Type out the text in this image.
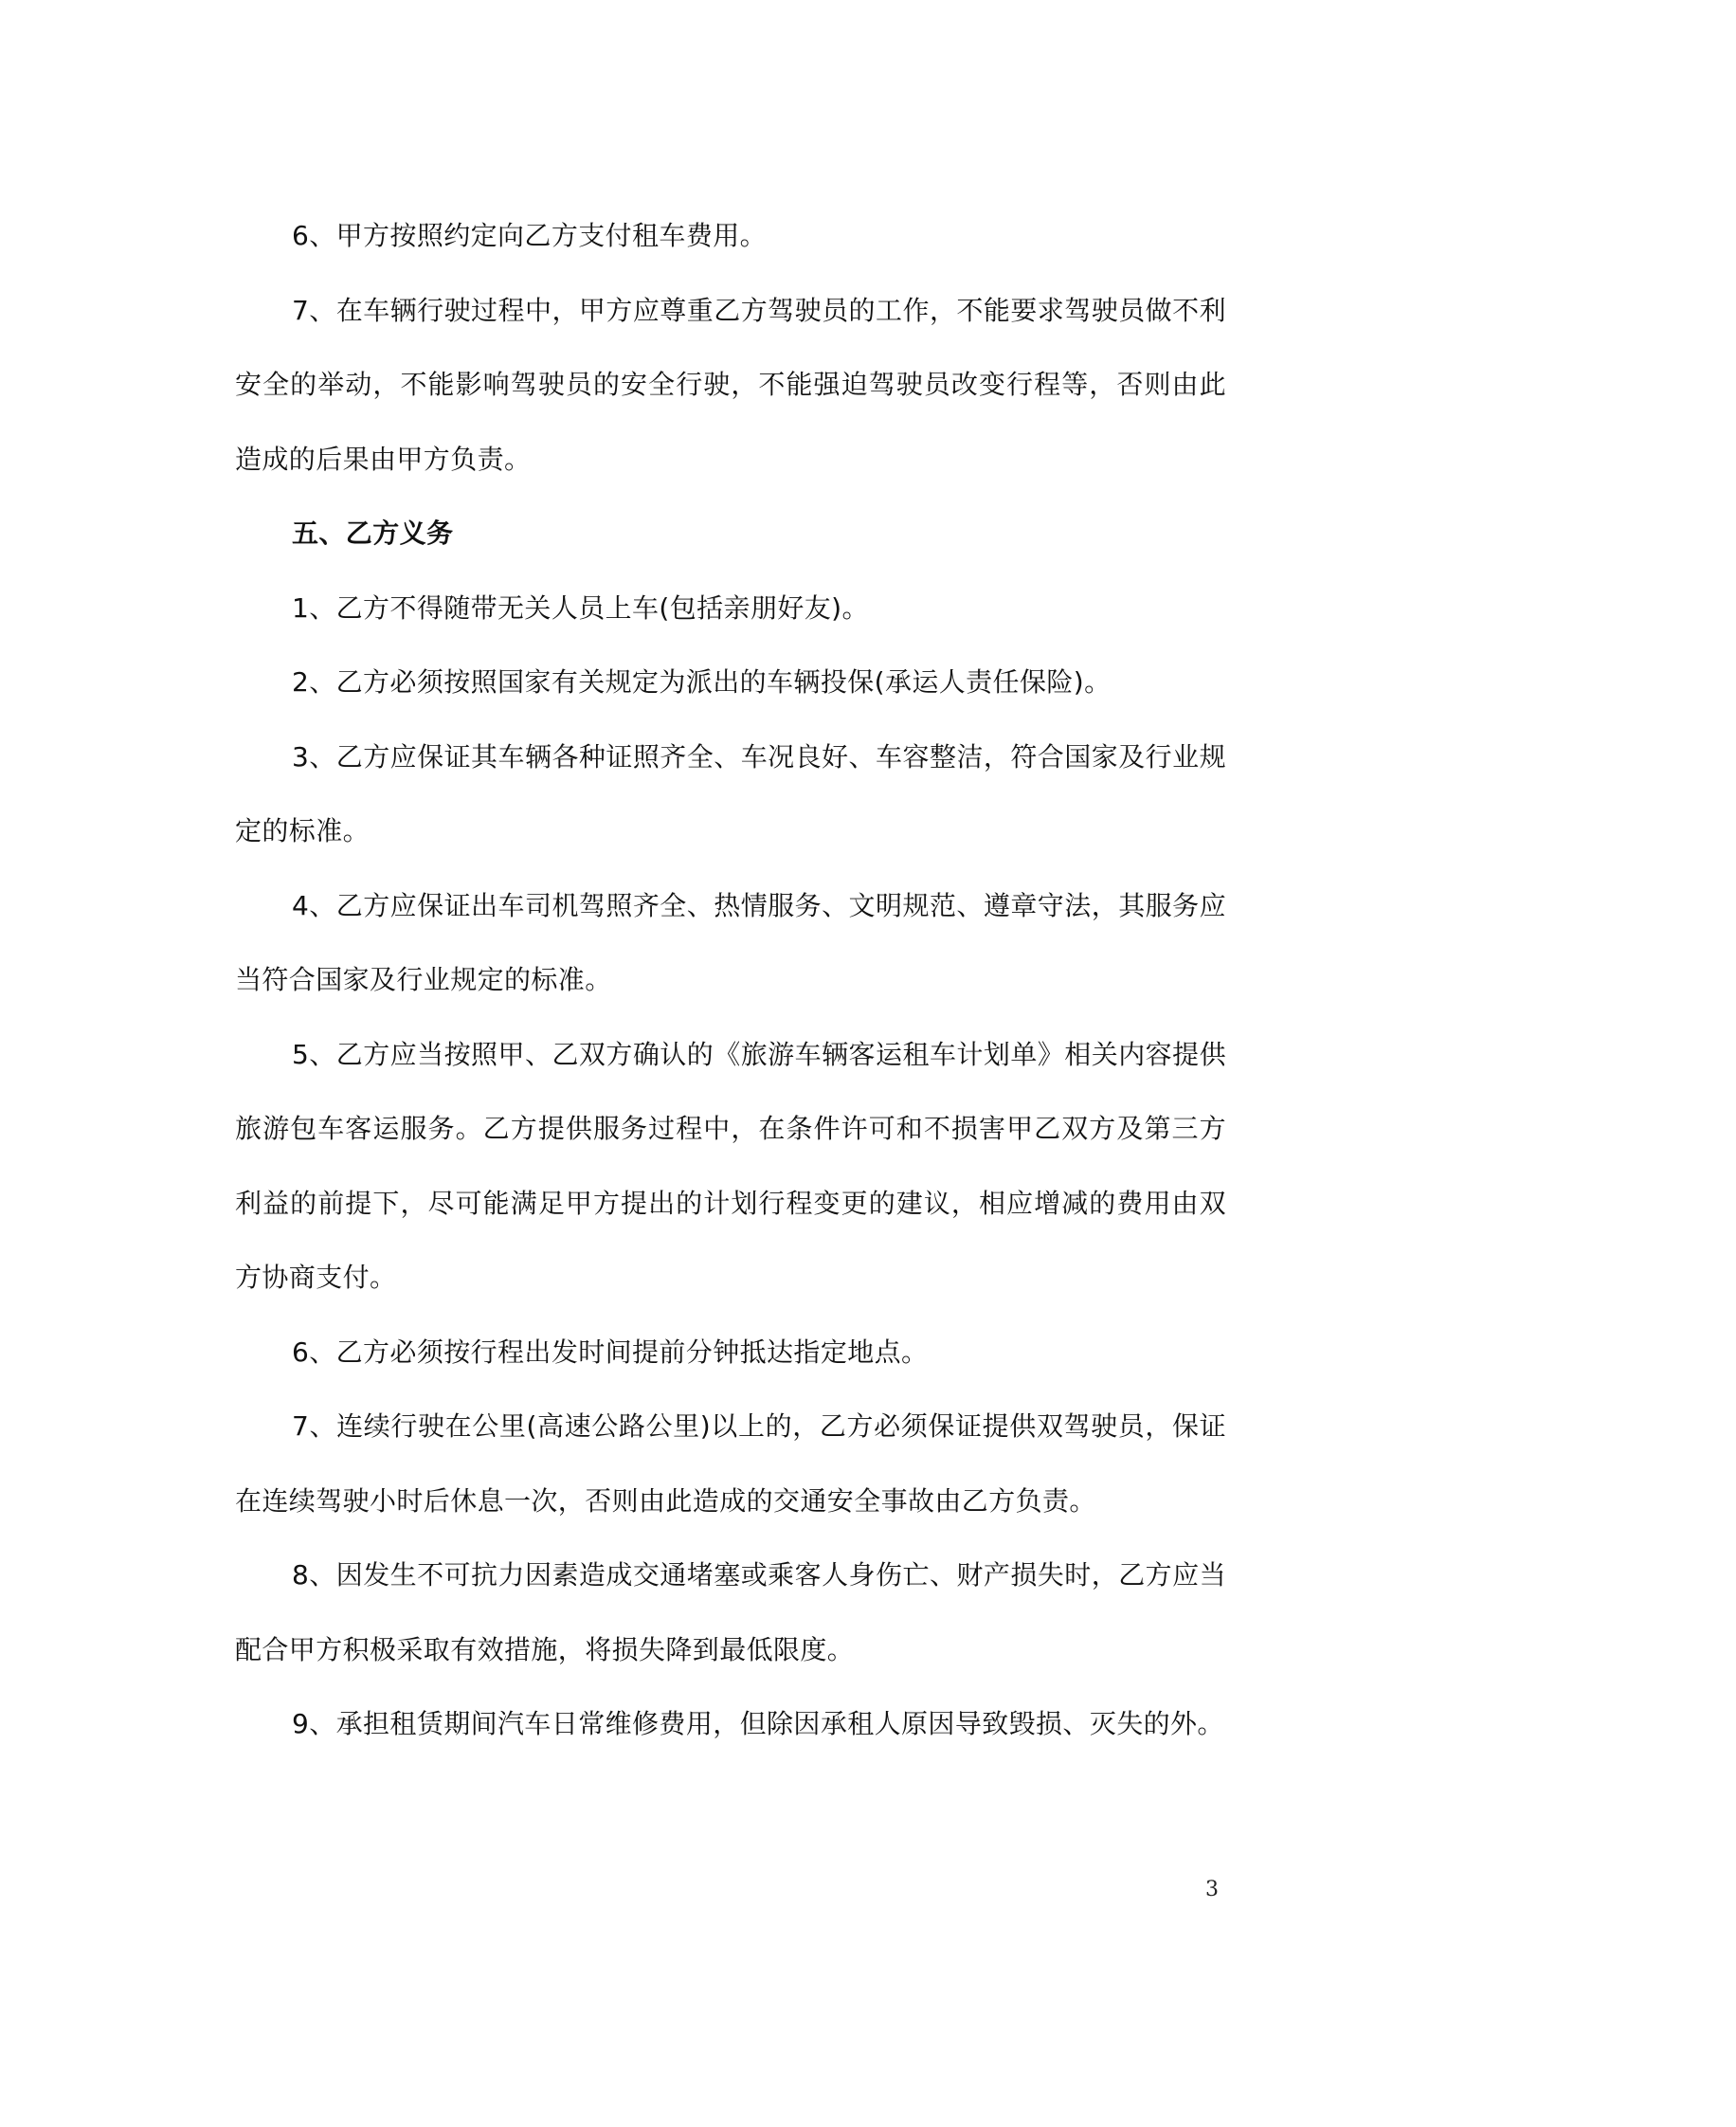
6、甲方按照约定向乙方支付租车费用。

7、在车辆行驶过程中，甲方应尊重乙方驾驶员的工作，不能要求驾驶员做不利安全的举动，不能影响驾驶员的安全行驶，不能强迫驾驶员改变行程等，否则由此造成的后果由甲方负责。

五、乙方义务

1、乙方不得随带无关人员上车(包括亲朋好友)。

2、乙方必须按照国家有关规定为派出的车辆投保(承运人责任保险)。

3、乙方应保证其车辆各种证照齐全、车况良好、车容整洁，符合国家及行业规定的标准。

4、乙方应保证出车司机驾照齐全、热情服务、文明规范、遵章守法，其服务应当符合国家及行业规定的标准。

5、乙方应当按照甲、乙双方确认的《旅游车辆客运租车计划单》相关内容提供旅游包车客运服务。乙方提供服务过程中，在条件许可和不损害甲乙双方及第三方利益的前提下，尽可能满足甲方提出的计划行程变更的建议，相应增减的费用由双方协商支付。

6、乙方必须按行程出发时间提前分钟抵达指定地点。

7、连续行驶在公里(高速公路公里)以上的，乙方必须保证提供双驾驶员，保证在连续驾驶小时后休息一次，否则由此造成的交通安全事故由乙方负责。

8、因发生不可抗力因素造成交通堵塞或乘客人身伤亡、财产损失时，乙方应当配合甲方积极采取有效措施，将损失降到最低限度。

9、承担租赁期间汽车日常维修费用，但除因承租人原因导致毁损、灭失的外。

3
